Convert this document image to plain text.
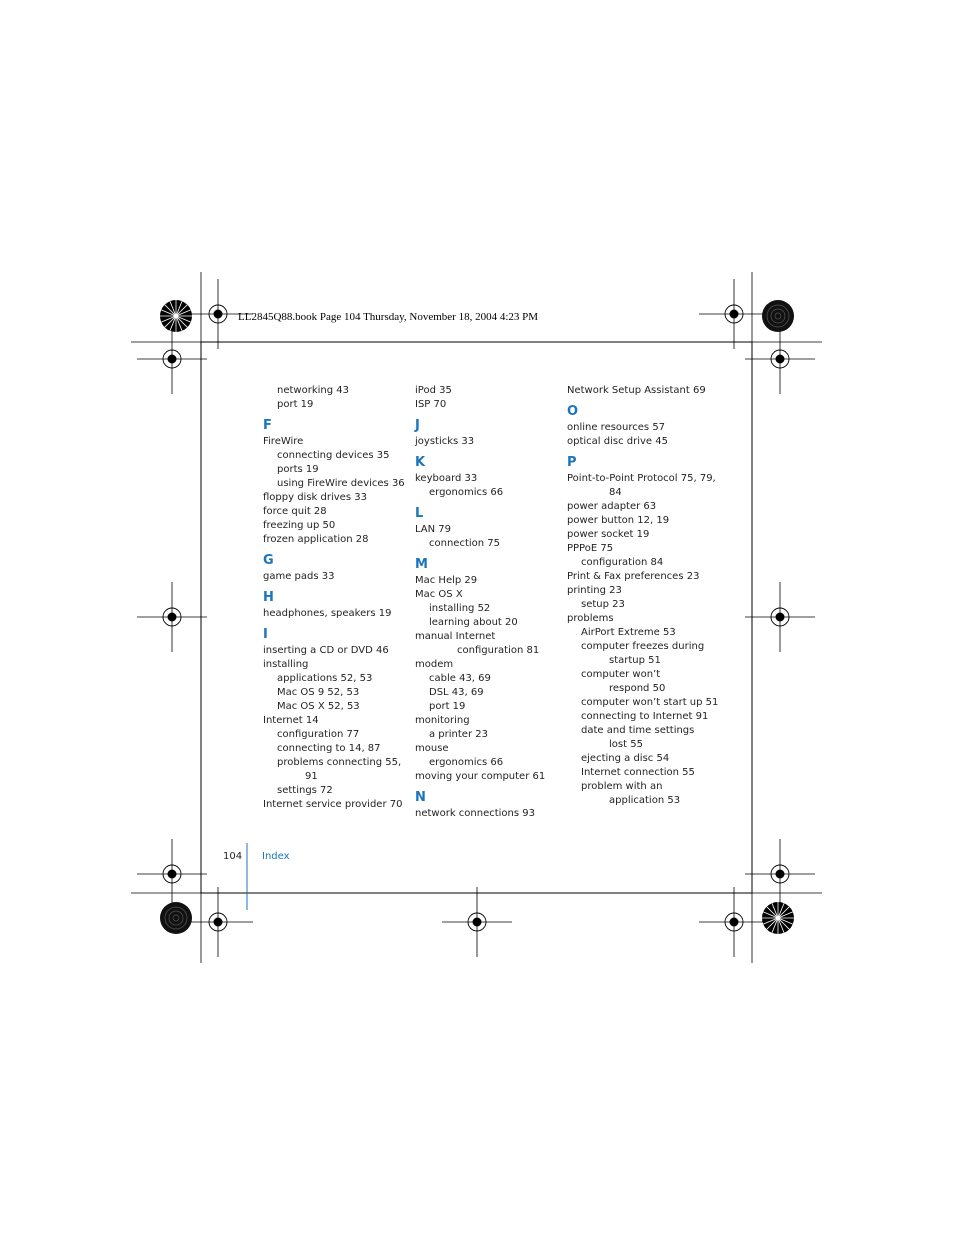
LL2845Q88.book Page 104 Thursday, November 18, 2004 4:23 PM
networking 43
port 19
F
FireWire
connecting devices 35
ports 19
using FireWire devices 36
floppy disk drives 33
force quit 28
freezing up 50
frozen application 28
G
game pads 33
H
headphones, speakers 19
I
inserting a CD or DVD 46
installing
applications 52, 53
Mac OS 9 52, 53
Mac OS X 52, 53
Internet 14
configuration 77
connecting to 14, 87
problems connecting 55,
91
settings 72
Internet service provider 70
iPod 35
ISP 70
J
joysticks 33
K
keyboard 33
ergonomics 66
L
LAN 79
connection 75
M
Mac Help 29
Mac OS X
installing 52
learning about 20
manual Internet
configuration 81
modem
cable 43, 69
DSL 43, 69
port 19
monitoring
a printer 23
mouse
ergonomics 66
moving your computer 61
N
network connections 93
Network Setup Assistant 69
O
online resources 57
optical disc drive 45
P
Point-to-Point Protocol 75, 79,
84
power adapter 63
power button 12, 19
power socket 19
PPPoE 75
configuration 84
Print & Fax preferences 23
printing 23
setup 23
problems
AirPort Extreme 53
computer freezes during
startup 51
computer won’t
respond 50
computer won’t start up 51
connecting to Internet 91
date and time settings
lost 55
ejecting a disc 54
Internet connection 55
problem with an
application 53
104 Index
